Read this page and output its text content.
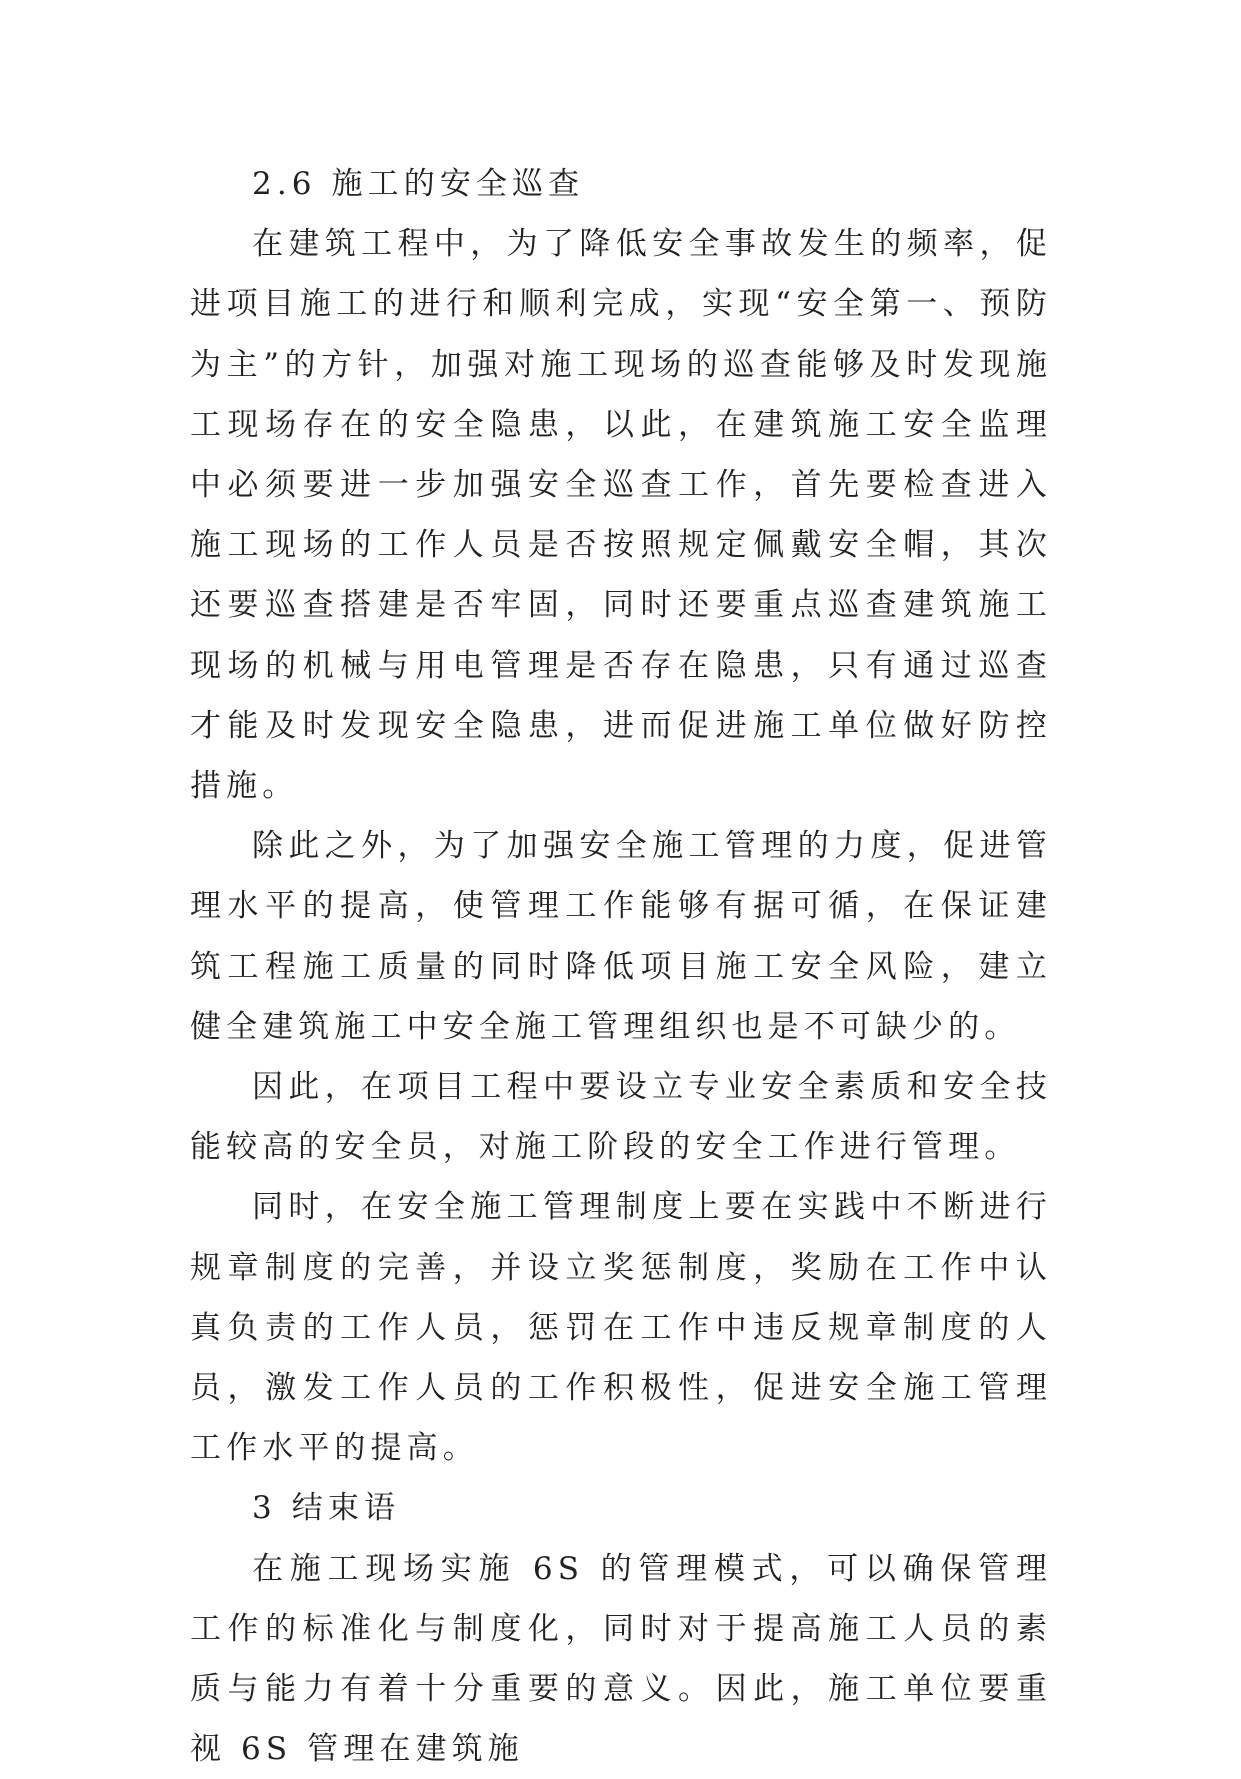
2.6 施工的安全巡查

在建筑工程中，为了降低安全事故发生的频率，促进项目施工的进行和顺利完成，实现“安全第一、预防为主”的方针，加强对施工现场的巡查能够及时发现施工现场存在的安全隐患，以此，在建筑施工安全监理中必须要进一步加强安全巡查工作，首先要检查进入施工现场的工作人员是否按照规定佩戴安全帽，其次还要巡查搭建是否牢固，同时还要重点巡查建筑施工现场的机械与用电管理是否存在隐患，只有通过巡查才能及时发现安全隐患，进而促进施工单位做好防控措施。

除此之外，为了加强安全施工管理的力度，促进管理水平的提高，使管理工作能够有据可循，在保证建筑工程施工质量的同时降低项目施工安全风险，建立健全建筑施工中安全施工管理组织也是不可缺少的。

因此，在项目工程中要设立专业安全素质和安全技能较高的安全员，对施工阶段的安全工作进行管理。

同时，在安全施工管理制度上要在实践中不断进行规章制度的完善，并设立奖惩制度，奖励在工作中认真负责的工作人员，惩罚在工作中违反规章制度的人员，激发工作人员的工作积极性，促进安全施工管理工作水平的提高。

3 结束语

在施工现场实施 6S 的管理模式，可以确保管理工作的标准化与制度化，同时对于提高施工人员的素质与能力有着十分重要的意义。因此，施工单位要重视 6S 管理在建筑施
